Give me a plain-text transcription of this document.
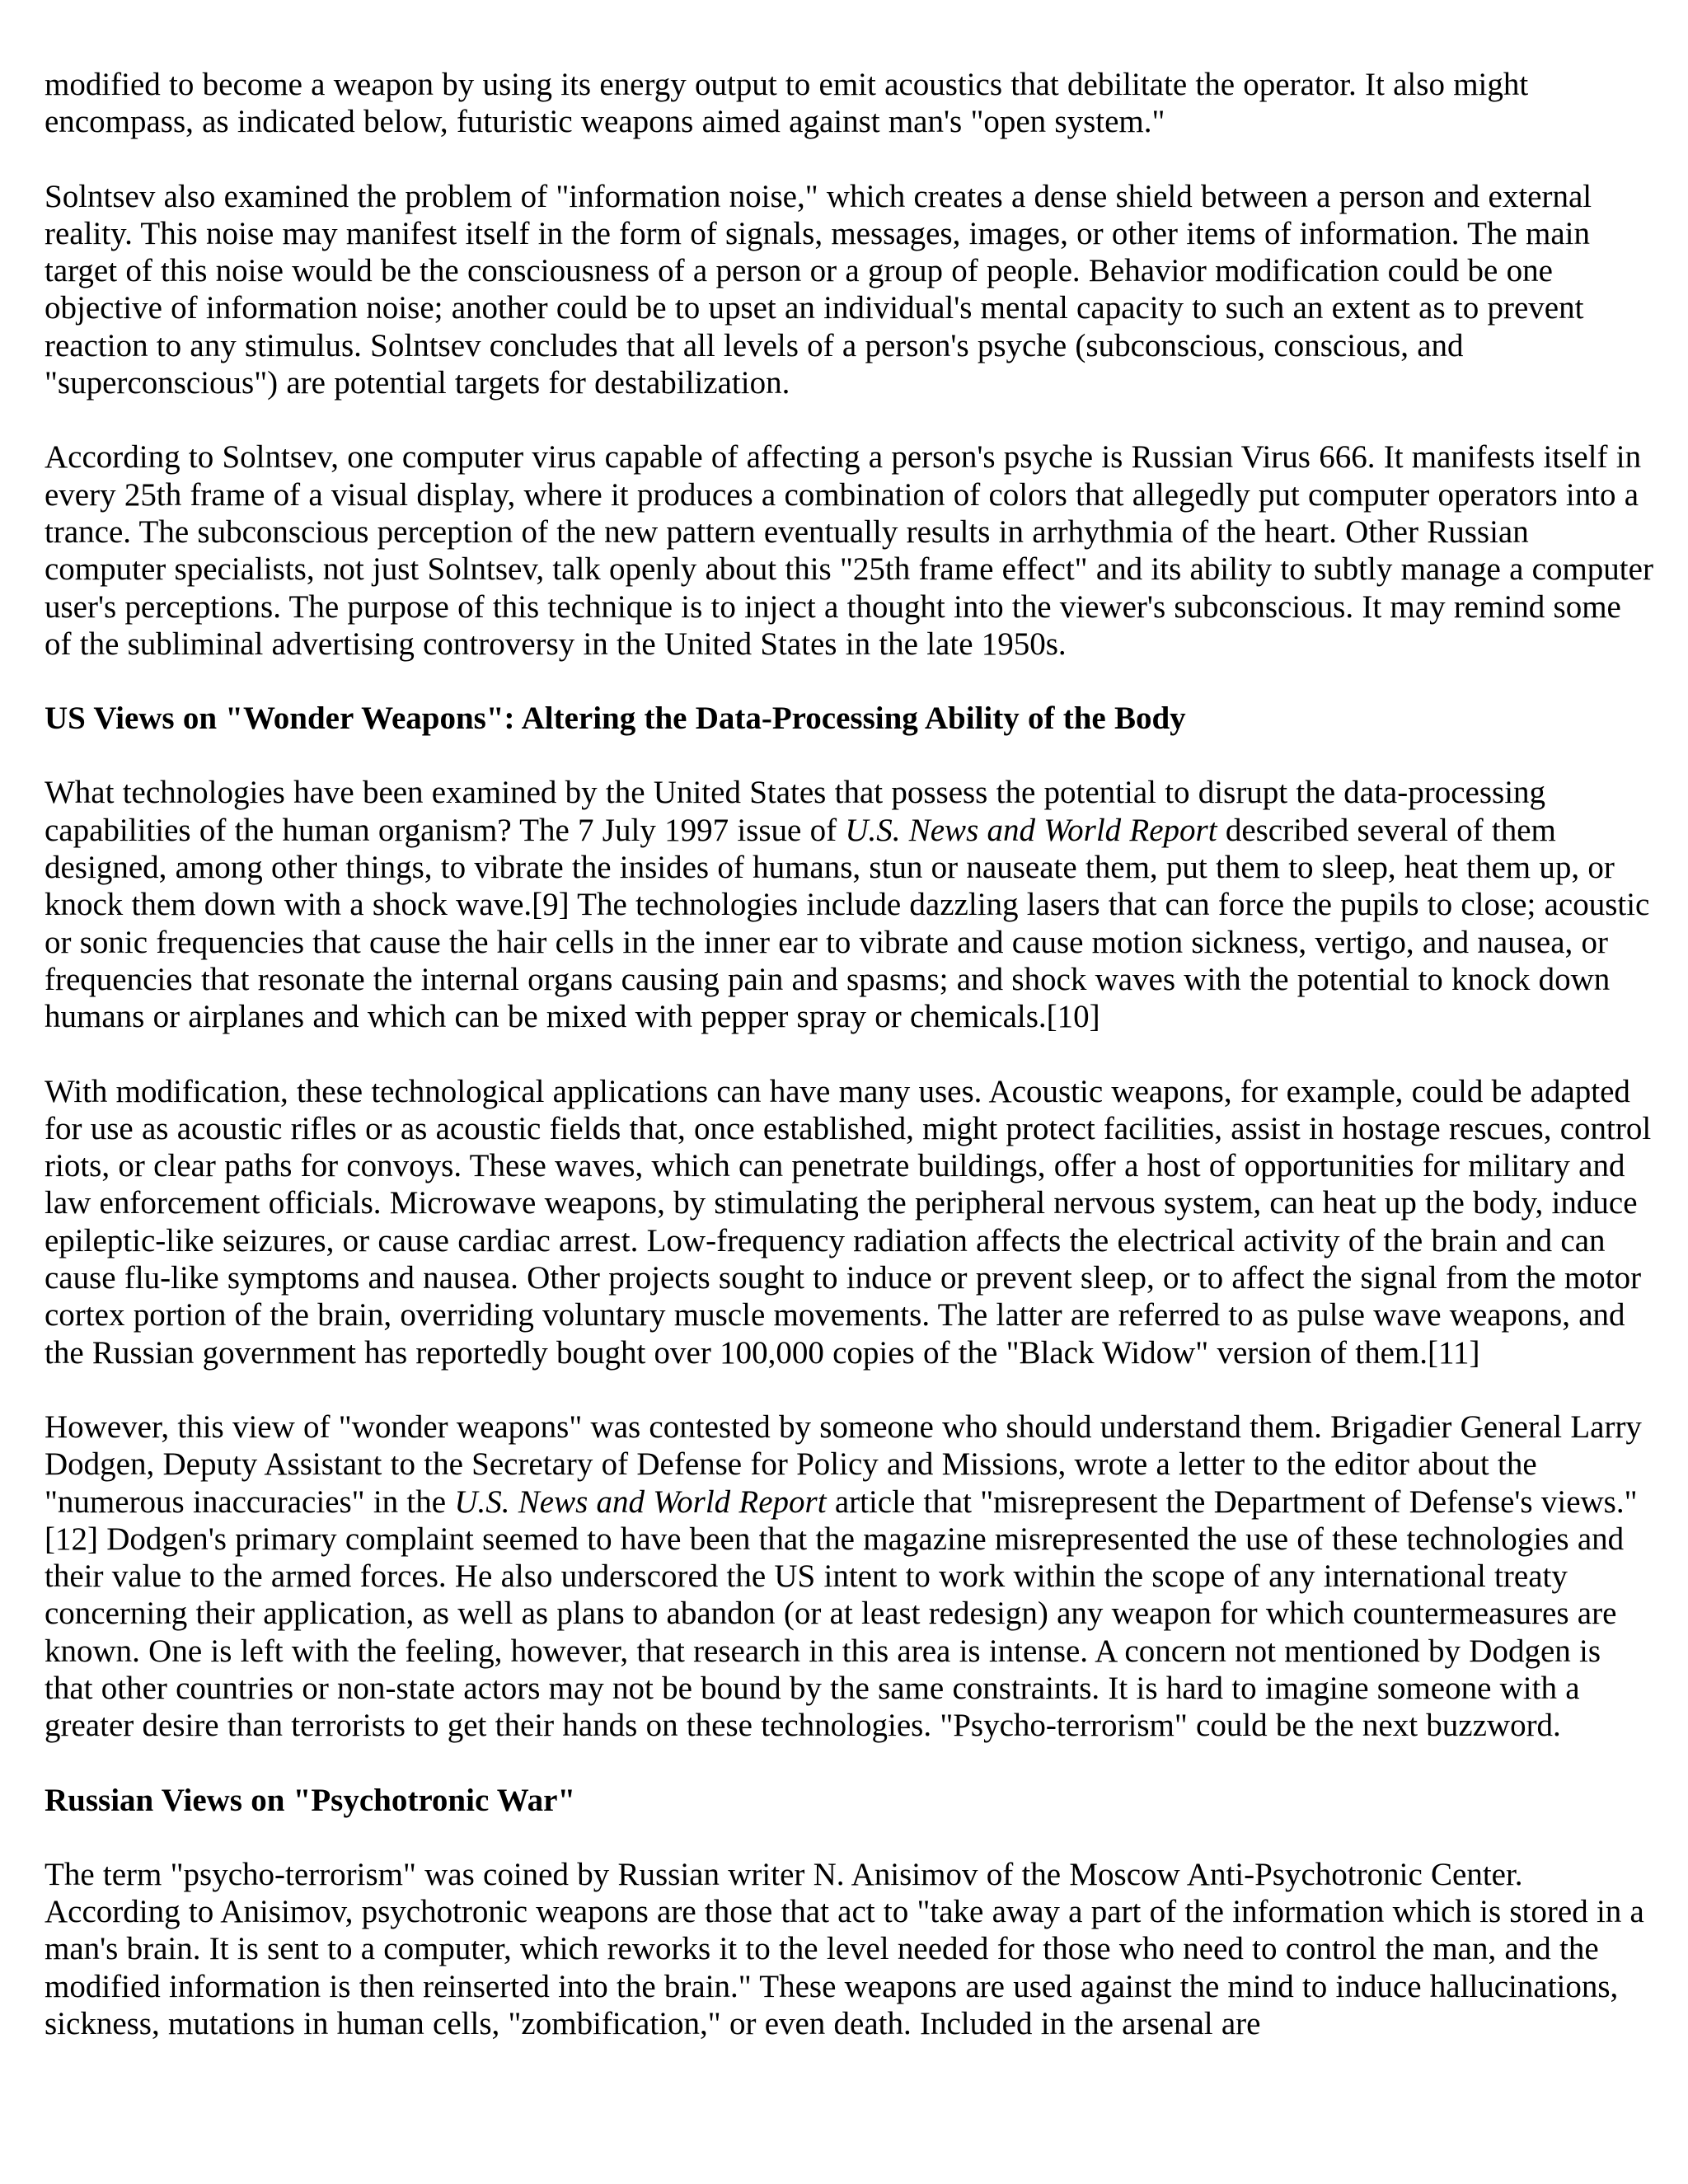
modified to become a weapon by using its energy output to emit acoustics that debilitate the operator. It also might encompass, as indicated below, futuristic weapons aimed against man's "open system."

Solntsev also examined the problem of "information noise," which creates a dense shield between a person and external reality. This noise may manifest itself in the form of signals, messages, images, or other items of information. The main target of this noise would be the consciousness of a person or a group of people. Behavior modification could be one objective of information noise; another could be to upset an individual's mental capacity to such an extent as to prevent reaction to any stimulus. Solntsev concludes that all levels of a person's psyche (subconscious, conscious, and "superconscious") are potential targets for destabilization.

According to Solntsev, one computer virus capable of affecting a person's psyche is Russian Virus 666. It manifests itself in every 25th frame of a visual display, where it produces a combination of colors that allegedly put computer operators into a trance. The subconscious perception of the new pattern eventually results in arrhythmia of the heart. Other Russian computer specialists, not just Solntsev, talk openly about this "25th frame effect" and its ability to subtly manage a computer user's perceptions. The purpose of this technique is to inject a thought into the viewer's subconscious. It may remind some of the subliminal advertising controversy in the United States in the late 1950s.

US Views on "Wonder Weapons": Altering the Data-Processing Ability of the Body

What technologies have been examined by the United States that possess the potential to disrupt the data-processing capabilities of the human organism? The 7 July 1997 issue of U.S. News and World Report described several of them designed, among other things, to vibrate the insides of humans, stun or nauseate them, put them to sleep, heat them up, or knock them down with a shock wave.[9] The technologies include dazzling lasers that can force the pupils to close; acoustic or sonic frequencies that cause the hair cells in the inner ear to vibrate and cause motion sickness, vertigo, and nausea, or frequencies that resonate the internal organs causing pain and spasms; and shock waves with the potential to knock down humans or airplanes and which can be mixed with pepper spray or chemicals.[10]

With modification, these technological applications can have many uses. Acoustic weapons, for example, could be adapted for use as acoustic rifles or as acoustic fields that, once established, might protect facilities, assist in hostage rescues, control riots, or clear paths for convoys. These waves, which can penetrate buildings, offer a host of opportunities for military and law enforcement officials. Microwave weapons, by stimulating the peripheral nervous system, can heat up the body, induce epileptic-like seizures, or cause cardiac arrest. Low-frequency radiation affects the electrical activity of the brain and can cause flu-like symptoms and nausea. Other projects sought to induce or prevent sleep, or to affect the signal from the motor cortex portion of the brain, overriding voluntary muscle movements. The latter are referred to as pulse wave weapons, and the Russian government has reportedly bought over 100,000 copies of the "Black Widow" version of them.[11]

However, this view of "wonder weapons" was contested by someone who should understand them. Brigadier General Larry Dodgen, Deputy Assistant to the Secretary of Defense for Policy and Missions, wrote a letter to the editor about the "numerous inaccuracies" in the U.S. News and World Report article that "misrepresent the Department of Defense's views."[12] Dodgen's primary complaint seemed to have been that the magazine misrepresented the use of these technologies and their value to the armed forces. He also underscored the US intent to work within the scope of any international treaty concerning their application, as well as plans to abandon (or at least redesign) any weapon for which countermeasures are known. One is left with the feeling, however, that research in this area is intense. A concern not mentioned by Dodgen is that other countries or non-state actors may not be bound by the same constraints. It is hard to imagine someone with a greater desire than terrorists to get their hands on these technologies. "Psycho-terrorism" could be the next buzzword.

Russian Views on "Psychotronic War"

The term "psycho-terrorism" was coined by Russian writer N. Anisimov of the Moscow Anti-Psychotronic Center. According to Anisimov, psychotronic weapons are those that act to "take away a part of the information which is stored in a man's brain. It is sent to a computer, which reworks it to the level needed for those who need to control the man, and the modified information is then reinserted into the brain." These weapons are used against the mind to induce hallucinations, sickness, mutations in human cells, "zombification," or even death. Included in the arsenal are
